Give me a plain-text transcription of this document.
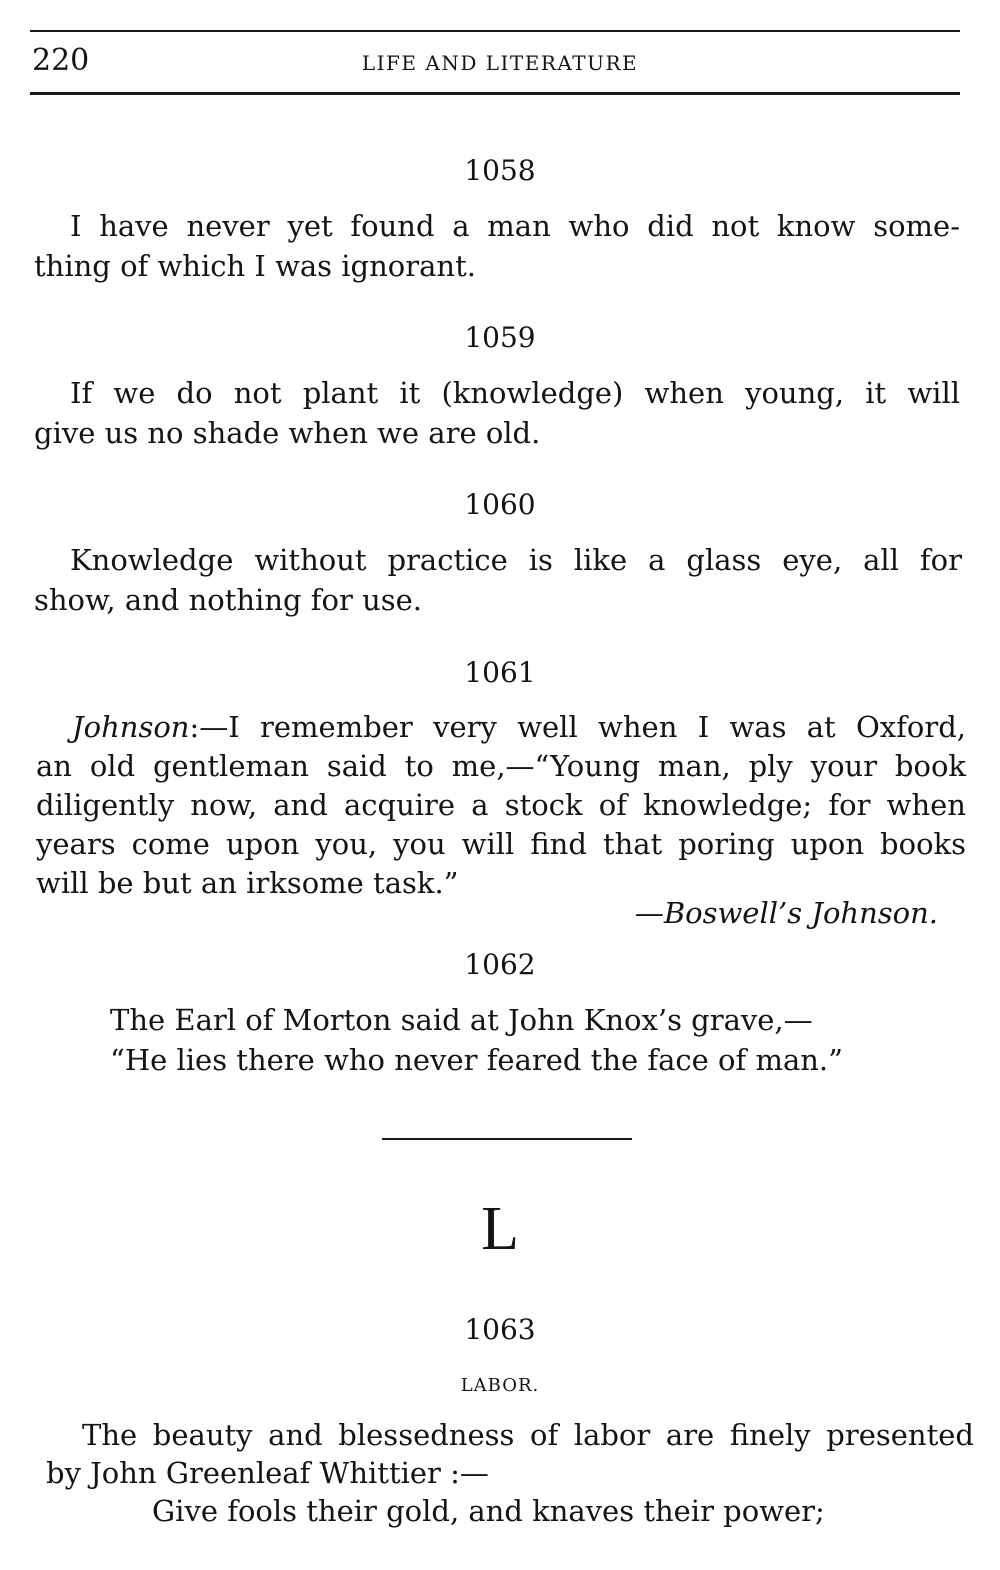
220	LIFE AND LITERATURE
1058
I have never yet found a man who did not know some-
thing of which I was ignorant.
1059
If we do not plant it (knowledge) when young, it will
give us no shade when we are old.
1060
Knowledge without practice is like a glass eye, all for
show, and nothing for use.
1061
Johnson:—I remember very well when I was at Oxford,
an old gentleman said to me,—“Young man, ply your book
diligently now, and acquire a stock of knowledge; for when
years come upon you, you will find that poring upon books
will be but an irksome task.”
—Boswell’s Johnson.
1062
The Earl of Morton said at John Knox’s grave,—
“He lies there who never feared the face of man.”
L
1063
LABOR.
The beauty and blessedness of labor are finely presented
by John Greenleaf Whittier :—
Give fools their gold, and knaves their power;
